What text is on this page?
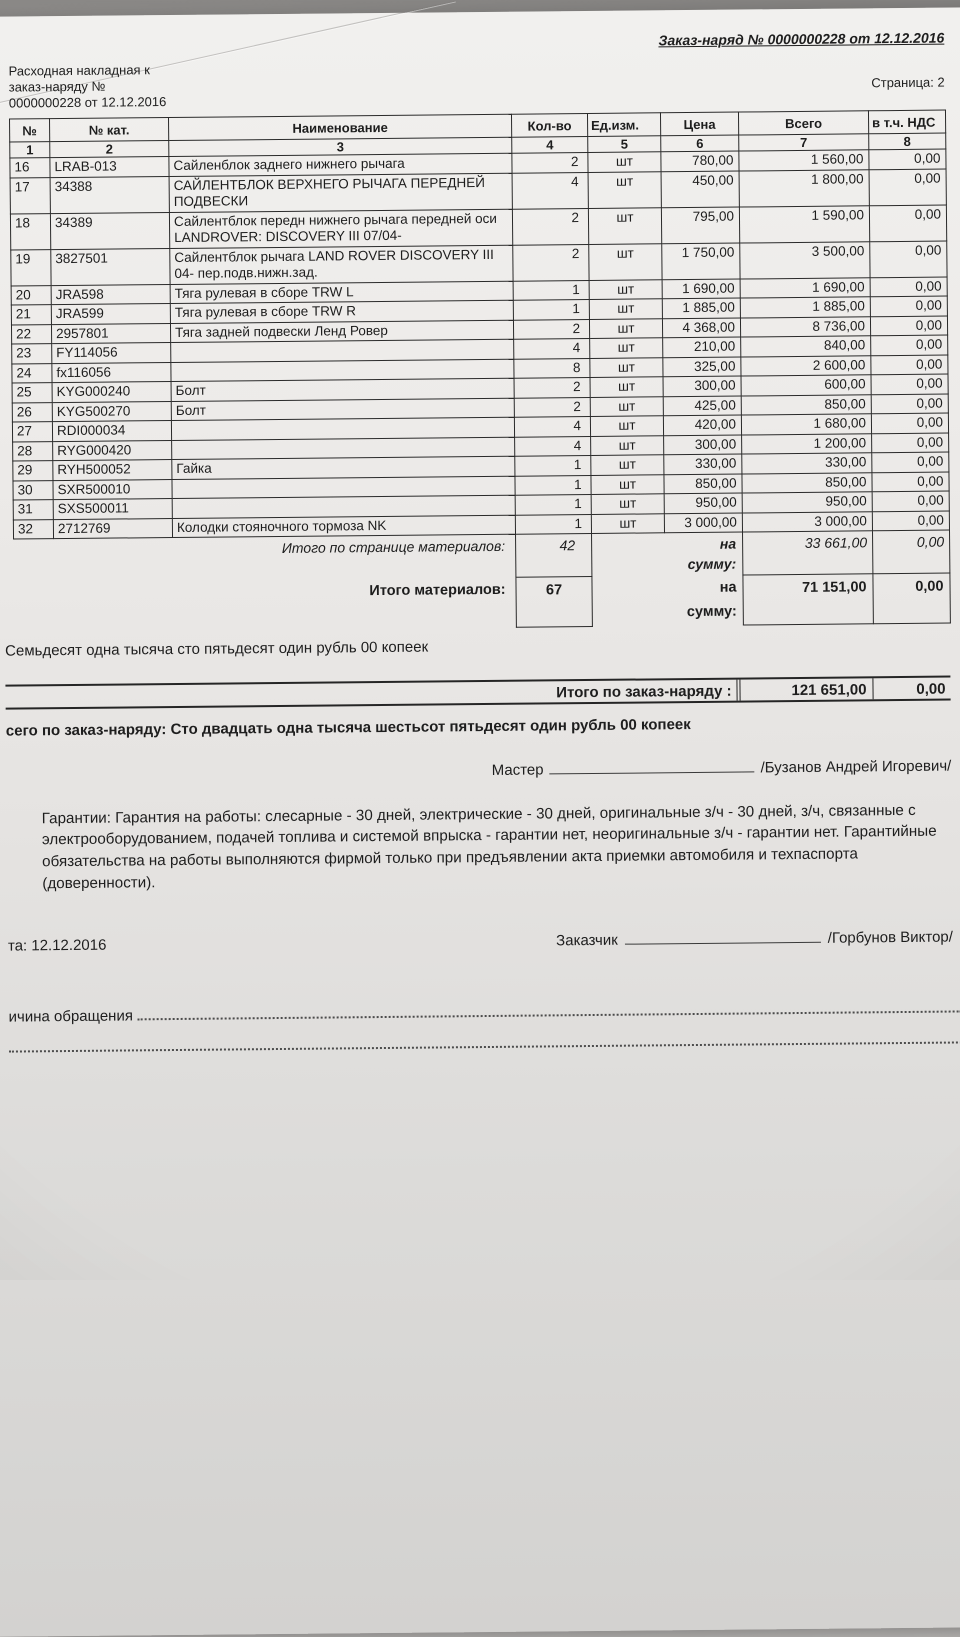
Заказ-наряд № 0000000228 от 12.12.2016
Расходная накладная к
заказ-наряду №
0000000228 от 12.12.2016
Страница: 2
№	№ кат.	Наименование	Кол-во	Ед.изм.	Цена	Всего	в т.ч. НДС
1	2	3	4	5	6	7	8
16	LRAB-013	Сайленблок заднего нижнего рычага	2	шт	780,00	1 560,00	0,00
17	34388	САЙЛЕНТБЛОК ВЕРХНЕГО РЫЧАГА ПЕРЕДНЕЙ ПОДВЕСКИ	4	шт	450,00	1 800,00	0,00
18	34389	Сайлентблок передн нижнего рычага передней оси LANDROVER: DISCOVERY III 07/04-	2	шт	795,00	1 590,00	0,00
19	3827501	Сайлентблок рычага LAND ROVER DISCOVERY III 04- пер.подв.нижн.зад.	2	шт	1 750,00	3 500,00	0,00
20	JRA598	Тяга рулевая в сборе TRW L	1	шт	1 690,00	1 690,00	0,00
21	JRA599	Тяга рулевая в сборе TRW R	1	шт	1 885,00	1 885,00	0,00
22	2957801	Тяга задней подвески Ленд Ровер	2	шт	4 368,00	8 736,00	0,00
23	FY114056		4	шт	210,00	840,00	0,00
24	fx116056		8	шт	325,00	2 600,00	0,00
25	KYG000240	Болт	2	шт	300,00	600,00	0,00
26	KYG500270	Болт	2	шт	425,00	850,00	0,00
27	RDI000034		4	шт	420,00	1 680,00	0,00
28	RYG000420		4	шт	300,00	1 200,00	0,00
29	RYH500052	Гайка	1	шт	330,00	330,00	0,00
30	SXR500010		1	шт	850,00	850,00	0,00
31	SXS500011		1	шт	950,00	950,00	0,00
32	2712769	Колодки стояночного тормоза NK	1	шт	3 000,00	3 000,00	0,00
Итого по странице материалов:			42		на сумму:	33 661,00	0,00
Итого материалов:			67		на сумму:	71 151,00	0,00
Семьдесят одна тысяча сто пятьдесят один рубль 00 копеек
Итого по заказ-наряду :	121 651,00	0,00
сего по заказ-наряду: Сто двадцать одна тысяча шестьсот пятьдесят один рубль 00 копеек
Мастер	/Бузанов Андрей Игоревич/
Гарантии: Гарантия на работы: слесарные - 30 дней, электрические - 30 дней, оригинальные з/ч - 30 дней, з/ч, связанные с электрооборудованием, подачей топлива и системой впрыска - гарантии нет, неоригинальные з/ч - гарантии нет. Гарантийные обязательства на работы выполняются фирмой только при предъявлении акта приемки автомобиля и техпаспорта (доверенности).
та: 12.12.2016	Заказчик	/Горбунов Виктор/
ичина обращения
